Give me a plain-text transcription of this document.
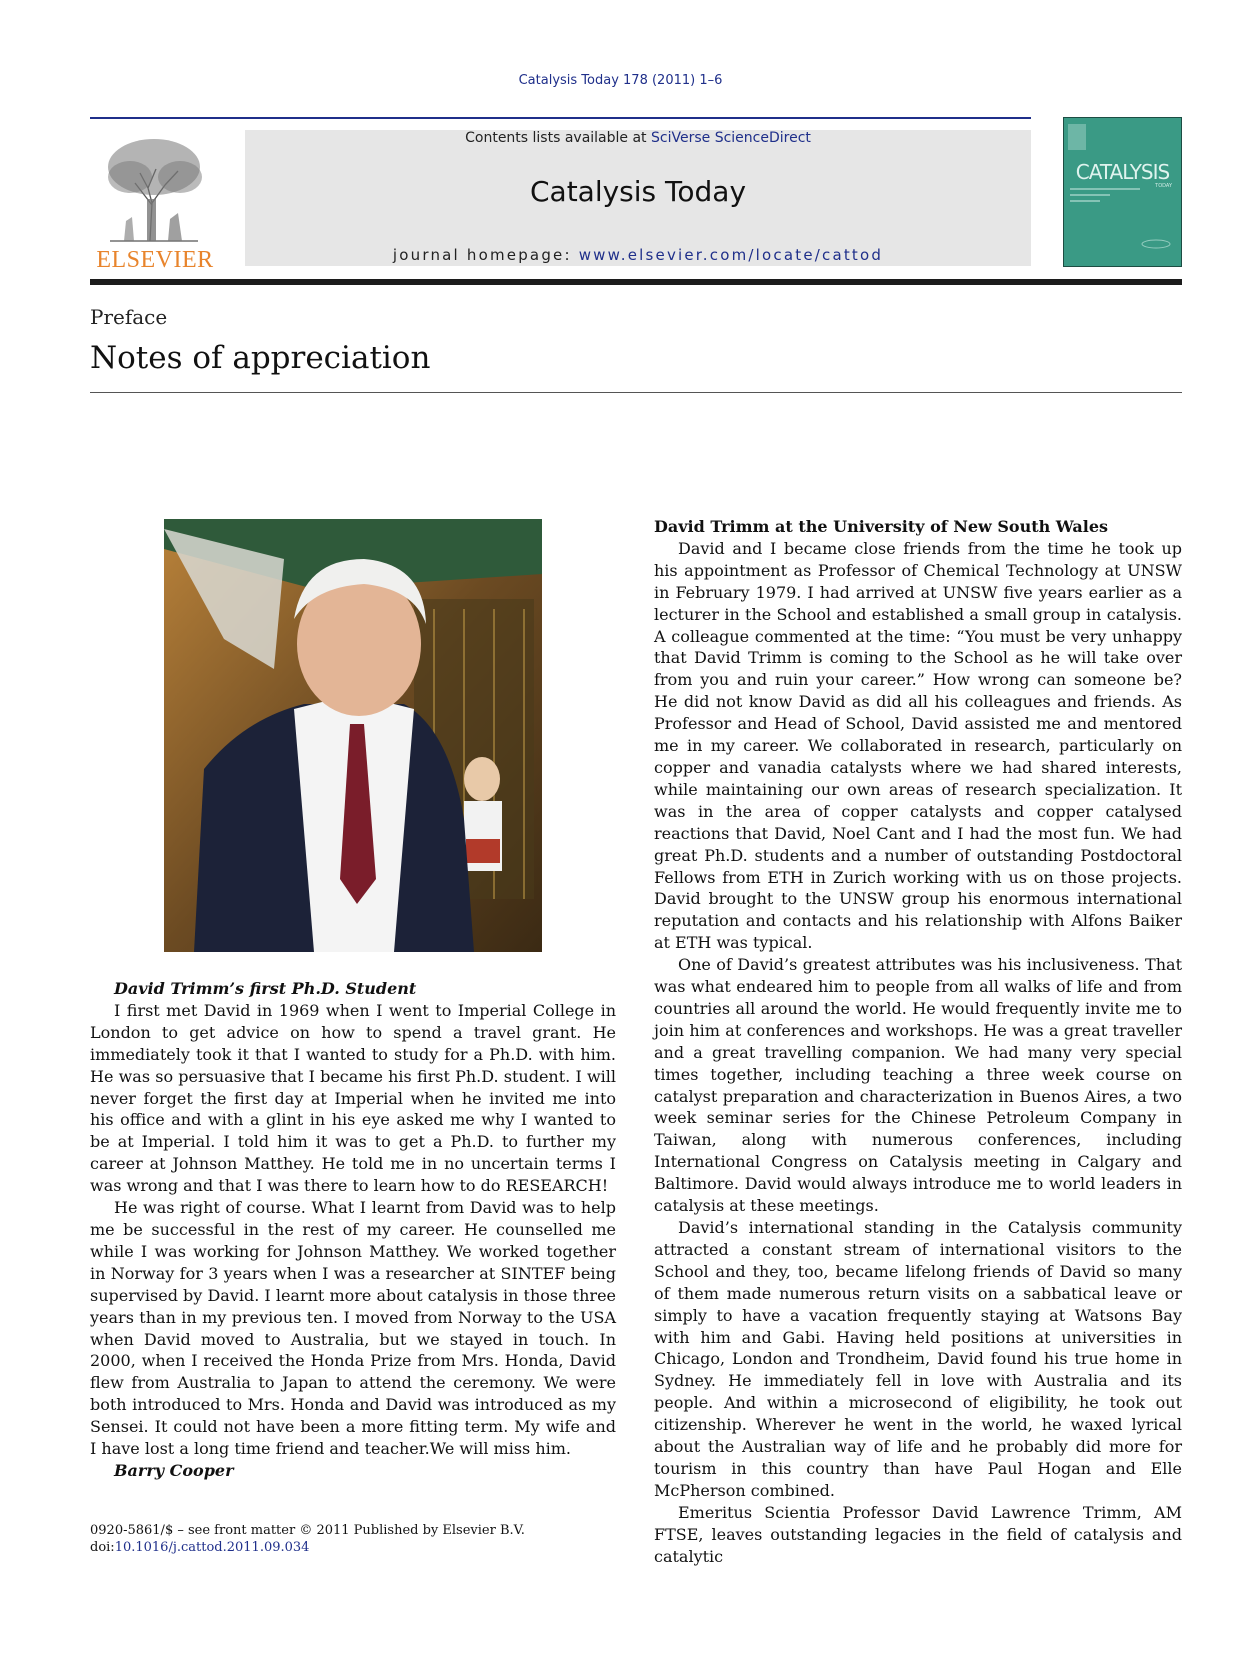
Catalysis Today 178 (2011) 1–6
ELSEVIER
Contents lists available at SciVerse ScienceDirect
Catalysis Today
journal homepage: www.elsevier.com/locate/cattod
CATALYSIS
TODAY
Preface
Notes of appreciation

David Trimm’s first Ph.D. Student

I first met David in 1969 when I went to Imperial College in London to get advice on how to spend a travel grant. He immediately took it that I wanted to study for a Ph.D. with him. He was so persuasive that I became his first Ph.D. student. I will never forget the first day at Imperial when he invited me into his office and with a glint in his eye asked me why I wanted to be at Imperial. I told him it was to get a Ph.D. to further my career at Johnson Matthey. He told me in no uncertain terms I was wrong and that I was there to learn how to do RESEARCH!

He was right of course. What I learnt from David was to help me be successful in the rest of my career. He counselled me while I was working for Johnson Matthey. We worked together in Norway for 3 years when I was a researcher at SINTEF being supervised by David. I learnt more about catalysis in those three years than in my previous ten. I moved from Norway to the USA when David moved to Australia, but we stayed in touch. In 2000, when I received the Honda Prize from Mrs. Honda, David flew from Australia to Japan to attend the ceremony. We were both introduced to Mrs. Honda and David was introduced as my Sensei. It could not have been a more fitting term. My wife and I have lost a long time friend and teacher.We will miss him.

Barry Cooper

David Trimm at the University of New South Wales

David and I became close friends from the time he took up his appointment as Professor of Chemical Technology at UNSW in February 1979. I had arrived at UNSW five years earlier as a lecturer in the School and established a small group in catalysis. A colleague commented at the time: “You must be very unhappy that David Trimm is coming to the School as he will take over from you and ruin your career.” How wrong can someone be? He did not know David as did all his colleagues and friends. As Professor and Head of School, David assisted me and mentored me in my career. We collaborated in research, particularly on copper and vanadia catalysts where we had shared interests, while maintaining our own areas of research specialization. It was in the area of copper catalysts and copper catalysed reactions that David, Noel Cant and I had the most fun. We had great Ph.D. students and a number of outstanding Postdoctoral Fellows from ETH in Zurich working with us on those projects. David brought to the UNSW group his enormous international reputation and contacts and his relationship with Alfons Baiker at ETH was typical.

One of David’s greatest attributes was his inclusiveness. That was what endeared him to people from all walks of life and from countries all around the world. He would frequently invite me to join him at conferences and workshops. He was a great traveller and a great travelling companion. We had many very special times together, including teaching a three week course on catalyst preparation and characterization in Buenos Aires, a two week seminar series for the Chinese Petroleum Company in Taiwan, along with numerous conferences, including International Congress on Catalysis meeting in Calgary and Baltimore. David would always introduce me to world leaders in catalysis at these meetings.

David’s international standing in the Catalysis community attracted a constant stream of international visitors to the School and they, too, became lifelong friends of David so many of them made numerous return visits on a sabbatical leave or simply to have a vacation frequently staying at Watsons Bay with him and Gabi. Having held positions at universities in Chicago, London and Trondheim, David found his true home in Sydney. He immediately fell in love with Australia and its people. And within a microsecond of eligibility, he took out citizenship. Wherever he went in the world, he waxed lyrical about the Australian way of life and he probably did more for tourism in this country than have Paul Hogan and Elle McPherson combined.

Emeritus Scientia Professor David Lawrence Trimm, AM FTSE, leaves outstanding legacies in the field of catalysis and catalytic

0920-5861/$ – see front matter © 2011 Published by Elsevier B.V.
doi:10.1016/j.cattod.2011.09.034
